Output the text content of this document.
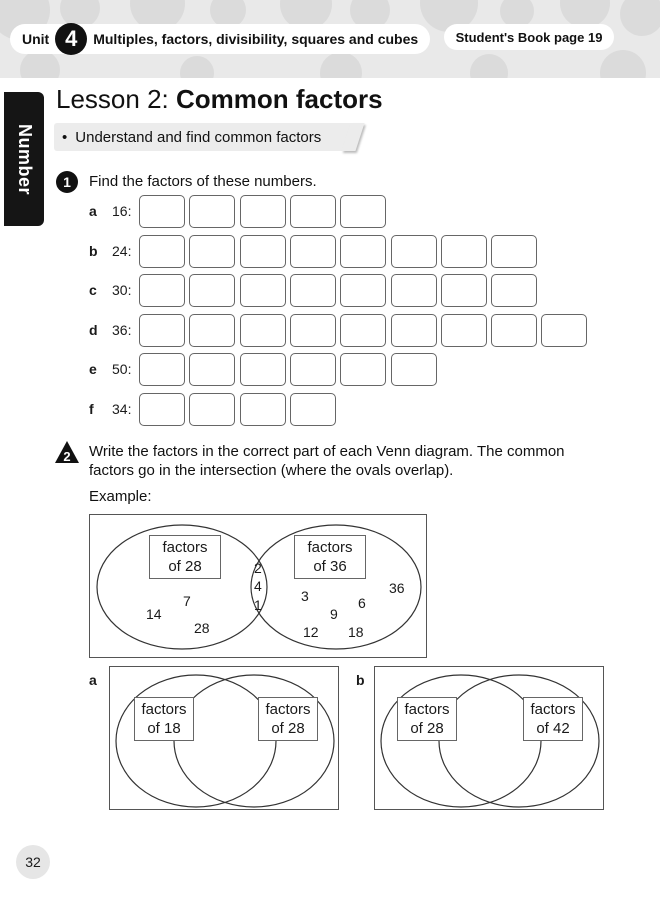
Unit 4	Multiples, factors, divisibility, squares and cubes	Student's Book page 19
Number
Lesson 2: Common factors
• Understand and find common factors
1	Find the factors of these numbers.
a 16:
b 24:
c 30:
d 36:
e 50:
f 34:
2 Write the factors in the correct part of each Venn diagram. The common
factors go in the intersection (where the ovals overlap).
Example:
factors
of 28
factors
of 36
7
14
28
2
4
1
3	36
6
9
12 18
a
factors
of 18
factors
of 28
b
factors
of 28
factors
of 42
32
